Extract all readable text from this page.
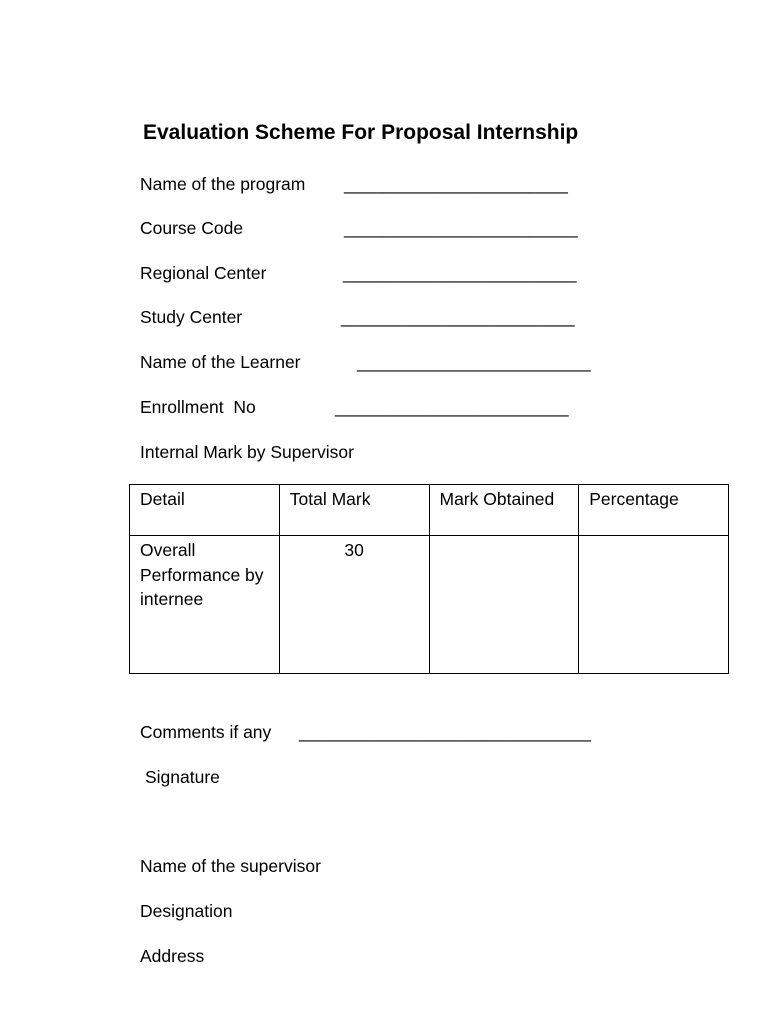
Evaluation Scheme For Proposal Internship
Name of the program _______________________
Course Code	________________________
Regional Center	________________________
Study Center	________________________
Name of the Learner	________________________
Enrollment  No	________________________
Internal Mark by Supervisor
Detail	Total Mark	Mark Obtained	Percentage
Overall Performance by internee	30		
Comments if any ______________________________
Signature
Name of the supervisor
Designation
Address
